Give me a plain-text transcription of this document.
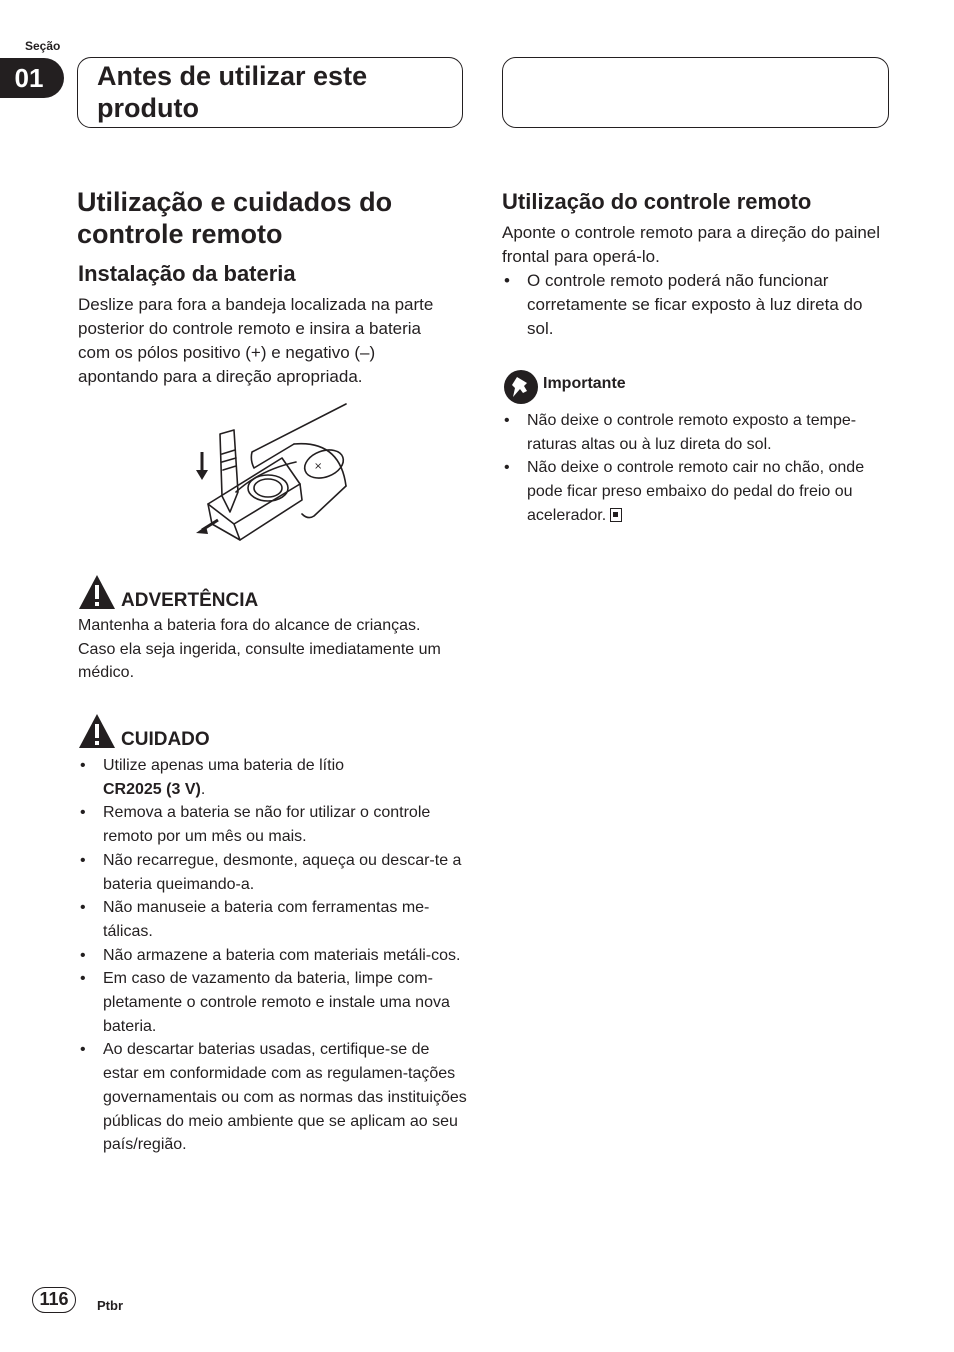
Seção
01	Antes de utilizar este
produto
Utilização e cuidados do
controle remoto
Instalação da bateria
Deslize para fora a bandeja localizada na parte posterior do controle remoto e insira a bateria com os pólos positivo (+) e negativo (–) apontando para a direção apropriada.
×
ADVERTÊNCIA
Mantenha a bateria fora do alcance de crianças. Caso ela seja ingerida, consulte imediatamente um médico.
CUIDADO
• Utilize apenas uma bateria de lítio
CR2025 (3 V).
• Remova a bateria se não for utilizar o controle remoto por um mês ou mais.
• Não recarregue, desmonte, aqueça ou descar-te a bateria queimando-a.
• Não manuseie a bateria com ferramentas me-tálicas.
• Não armazene a bateria com materiais metáli-cos.
• Em caso de vazamento da bateria, limpe com-pletamente o controle remoto e instale uma nova bateria.
• Ao descartar baterias usadas, certifique-se de estar em conformidade com as regulamen-tações governamentais ou com as normas das instituições públicas do meio ambiente que se aplicam ao seu país/região.
Utilização do controle remoto
Aponte o controle remoto para a direção do painel frontal para operá-lo.
• O controle remoto poderá não funcionar corretamente se ficar exposto à luz direta do sol.
Importante
• Não deixe o controle remoto exposto a tempe-raturas altas ou à luz direta do sol.
• Não deixe o controle remoto cair no chão, onde pode ficar preso embaixo do pedal do freio ou acelerador.
116	Ptbr
